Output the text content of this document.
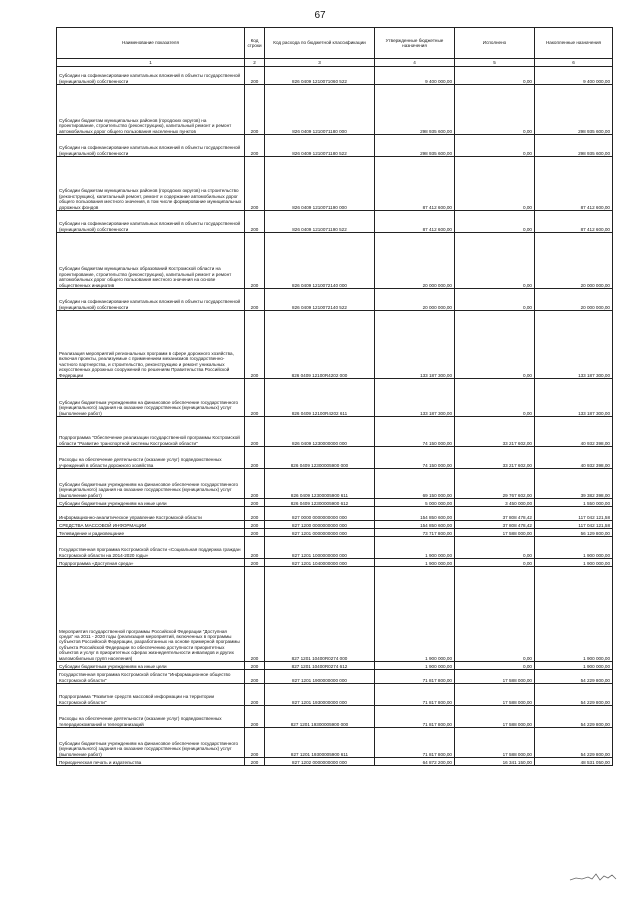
67
Наименование показателя	Код строки	Код расхода по бюджетной классификации	Утвержденные бюджетные назначения	Исполнено	Накопленные назначения
1	2	3	4	5	6
Субсидии на софинансирование капитальных вложений в объекты государственной (муниципальной) собственности	200	826 0409 1210071060 522	9 400 000,00	0,00	9 400 000,00
Субсидии бюджетам муниципальных районов (городских округов) на проектирование, строительство (реконструкцию), капитальный ремонт и ремонт автомобильных дорог общего пользования населенных пунктов	200	826 0409 1210071180 000	298 935 600,00	0,00	298 935 600,00
Субсидии на софинансирование капитальных вложений в объекты государственной (муниципальной) собственности	200	826 0409 1210071180 522	298 935 600,00	0,00	298 935 600,00
Субсидии бюджетам муниципальных районов (городских округов) на строительство (реконструкцию), капитальный ремонт, ремонт и содержание автомобильных дорог общего пользования местного значения, в том числе формирование муниципальных дорожных фондов	200	826 0409 1210071190 000	87 412 600,00	0,00	87 412 600,00
Субсидии на софинансирование капитальных вложений в объекты государственной (муниципальной) собственности	200	826 0409 1210071190 522	87 412 600,00	0,00	87 412 600,00
Субсидии бюджетам муниципальных образований Костромской области на проектирование, строительство (реконструкцию), капитальный ремонт и ремонт автомобильных дорог общего пользования местного значения на основе общественных инициатив	200	826 0409 1210072140 000	20 000 000,00	0,00	20 000 000,00
Субсидии на софинансирование капитальных вложений в объекты государственной (муниципальной) собственности	200	826 0409 1210072140 522	20 000 000,00	0,00	20 000 000,00
Реализация мероприятий региональных программ в сфере дорожного хозяйства, включая проекты, реализуемые с применением механизмов государственно-частного партнерства, и строительство, реконструкцию и ремонт уникальных искусственных дорожных сооружений по решениям Правительства Российской Федерации	200	826 0409 12100R4202 000	133 187 300,00	0,00	133 187 300,00
Субсидии бюджетным учреждениям на финансовое обеспечение государственного (муниципального) задания на оказание государственных (муниципальных) услуг (выполнение работ)	200	826 0409 12100R4202 611	133 187 300,00	0,00	133 187 300,00
Подпрограмма "Обеспечение реализации государственной программы Костромской области "Развитие транспортной системы Костромской области"	200	826 0409 1230000000 000	74 150 000,00	33 217 602,00	40 932 398,00
Расходы на обеспечение деятельности (оказание услуг) подведомственных учреждений в области дорожного хозяйства	200	826 0409 12300005900 000	74 150 000,00	33 217 602,00	40 932 398,00
Субсидии бюджетным учреждениям на финансовое обеспечение государственного (муниципального) задания на оказание государственных (муниципальных) услуг (выполнение работ)	200	826 0409 12300005900 611	69 150 000,00	29 767 602,00	39 382 398,00
Субсидии бюджетным учреждениям на иные цели	200	826 0409 12300005900 612	5 000 000,00	3 450 000,00	1 550 000,00
Информационно-аналитическое управление Костромской области	200	827 0000 0000000000 000	154 850 600,00	37 808 478,42	117 042 121,58
СРЕДСТВА МАССОВОЙ ИНФОРМАЦИИ	200	827 1200 0000000000 000	154 850 600,00	37 808 478,42	117 042 121,58
Телевидение и радиовещание	200	827 1201 0000000000 000	73 717 800,00	17 588 000,00	56 129 800,00
Государственная программа Костромской области «Социальная поддержка граждан Костромской области на 2014-2020 годы»	200	827 1201 1000000000 000	1 900 000,00	0,00	1 900 000,00
Подпрограмма «Доступная среда»	200	827 1201 1040000000 000	1 900 000,00	0,00	1 900 000,00
Мероприятия государственной программы Российской Федерации "Доступная среда" на 2011 - 2020 годы (реализация мероприятий, включенных в программы субъектов Российской Федерации, разработанных на основе примерной программы субъекта Российской Федерации по обеспечению доступности приоритетных объектов и услуг в приоритетных сферах жизнедеятельности инвалидов и других маломобильных групп населения)	200	827 1201 10400R0274 000	1 900 000,00	0,00	1 900 000,00
Субсидии бюджетным учреждениям на иные цели	200	827 1201 10400R0274 612	1 900 000,00	0,00	1 900 000,00
Государственная программа Костромской области "Информационное общество Костромской области"	200	827 1201 1900000000 000	71 817 800,00	17 588 000,00	54 229 800,00
Подпрограмма "Развитие средств массовой информации на территории Костромской области"	200	827 1201 1930000000 000	71 817 800,00	17 588 000,00	54 229 800,00
Расходы на обеспечение деятельности (оказание услуг) подведомственных телерадиокомпаний и телеорганизаций	200	827 1201 19300005900 000	71 817 800,00	17 588 000,00	54 229 800,00
Субсидии бюджетным учреждениям на финансовое обеспечение государственного (муниципального) задания на оказание государственных (муниципальных) услуг (выполнение работ)	200	827 1201 19300005900 611	71 817 800,00	17 588 000,00	54 229 800,00
Периодическая печать и издательства	200	827 1202 0000000000 000	64 872 200,00	16 341 150,00	48 531 050,00
